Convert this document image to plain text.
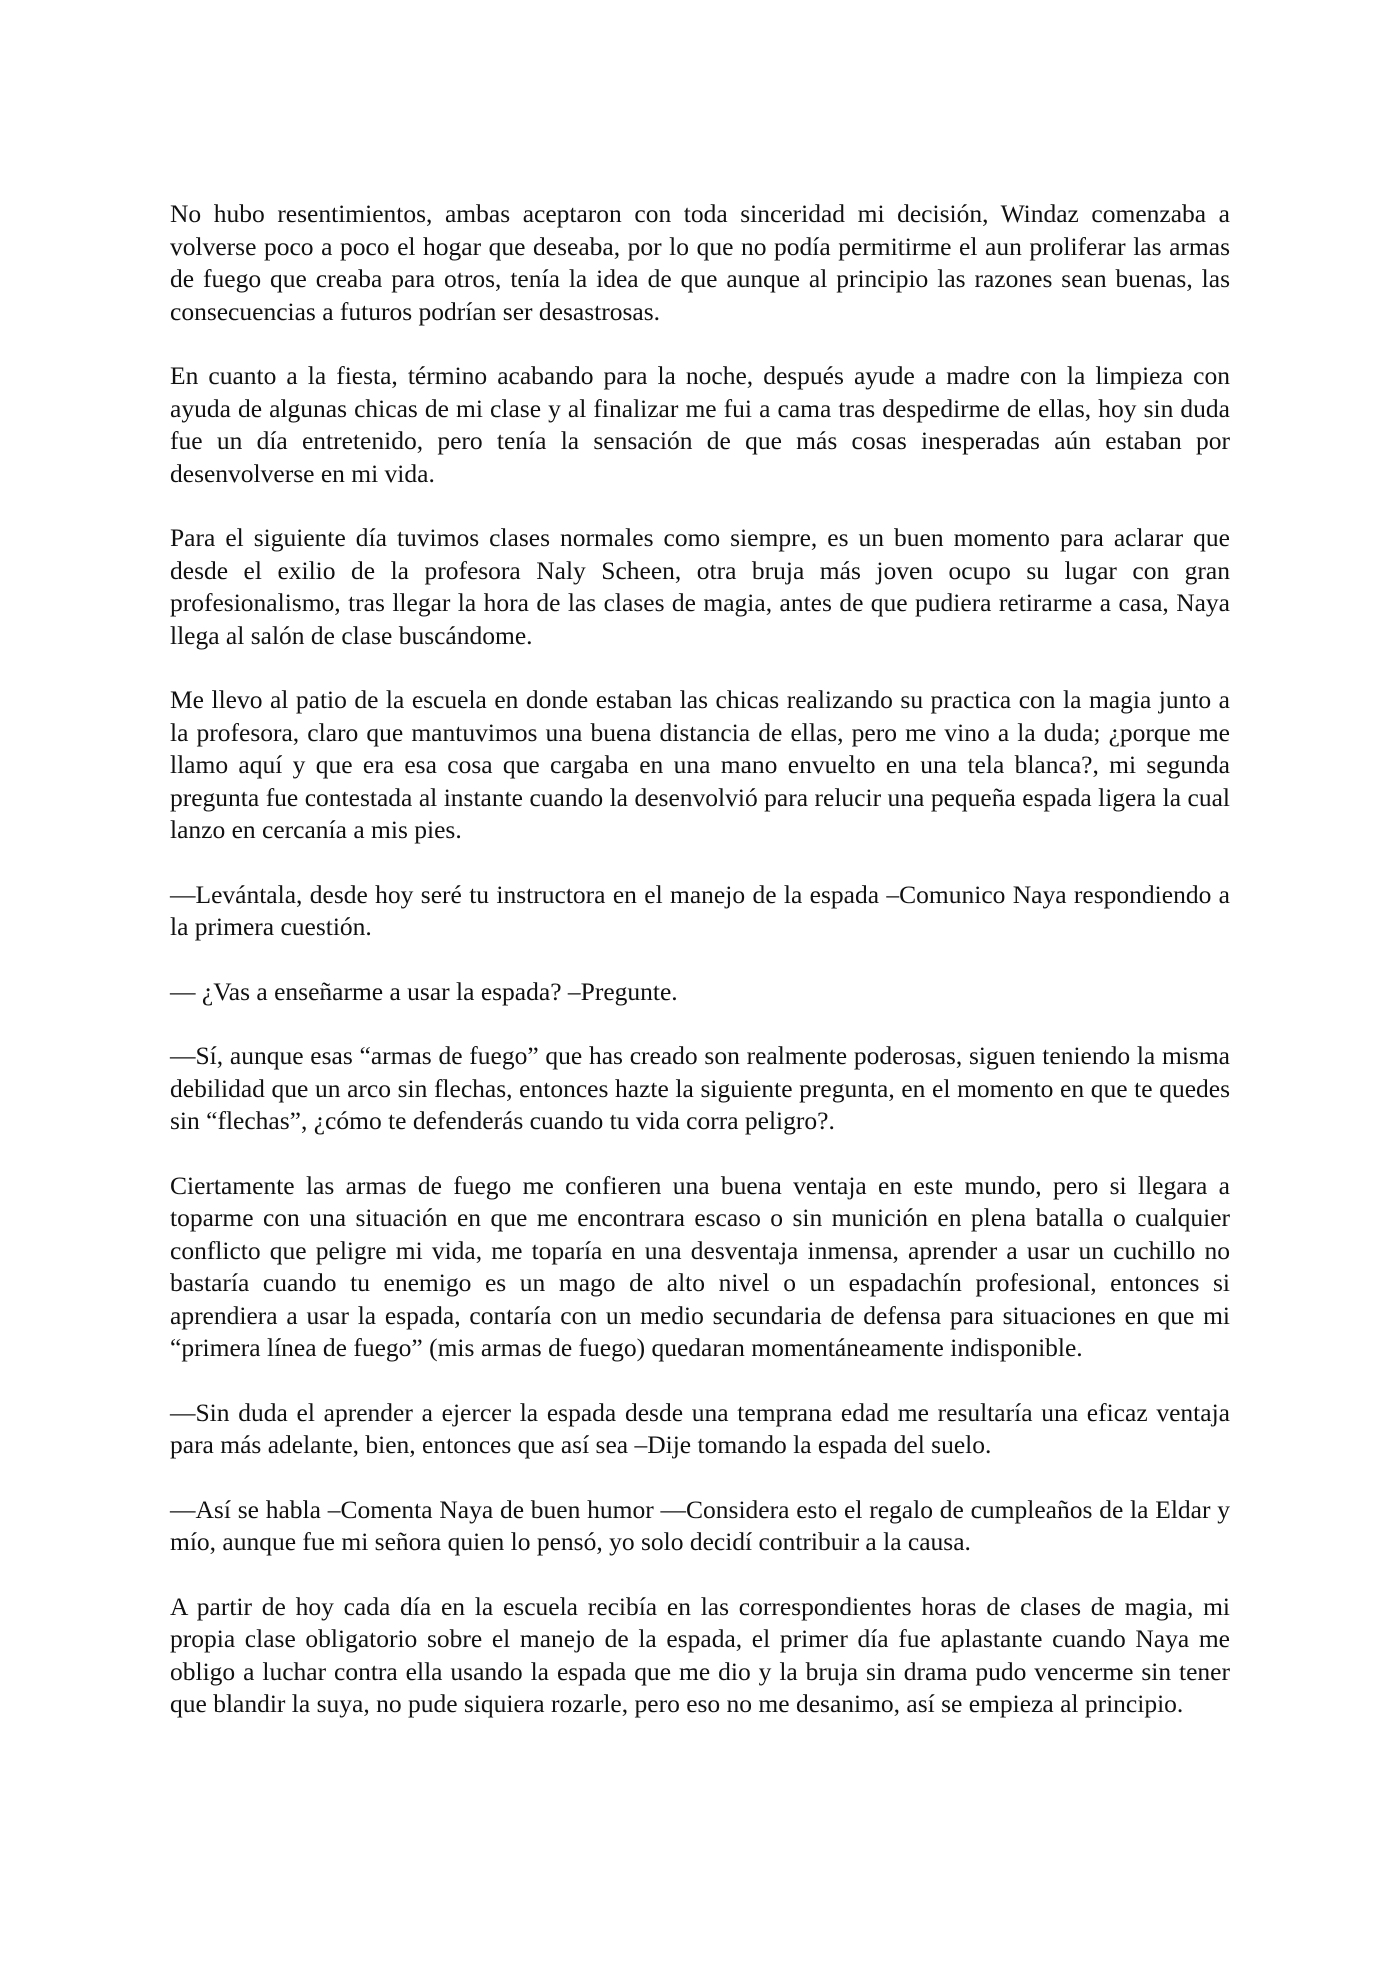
No hubo resentimientos, ambas aceptaron con toda sinceridad mi decisión, Windaz comenzaba a volverse poco a poco el hogar que deseaba, por lo que no podía permitirme el aun proliferar las armas de fuego que creaba para otros, tenía la idea de que aunque al principio las razones sean buenas, las consecuencias a futuros podrían ser desastrosas.

En cuanto a la fiesta, término acabando para la noche, después ayude a madre con la limpieza con ayuda de algunas chicas de mi clase y al finalizar me fui a cama tras despedirme de ellas, hoy sin duda fue un día entretenido, pero tenía la sensación de que más cosas inesperadas aún estaban por desenvolverse en mi vida.

Para el siguiente día tuvimos clases normales como siempre, es un buen momento para aclarar que desde el exilio de la profesora Naly Scheen, otra bruja más joven ocupo su lugar con gran profesionalismo, tras llegar la hora de las clases de magia, antes de que pudiera retirarme a casa, Naya llega al salón de clase buscándome.

Me llevo al patio de la escuela en donde estaban las chicas realizando su practica con la magia junto a la profesora, claro que mantuvimos una buena distancia de ellas, pero me vino a la duda; ¿porque me llamo aquí y que era esa cosa que cargaba en una mano envuelto en una tela blanca?, mi segunda pregunta fue contestada al instante cuando la desenvolvió para relucir una pequeña espada ligera la cual lanzo en cercanía a mis pies.

—Levántala, desde hoy seré tu instructora en el manejo de la espada –Comunico Naya respondiendo a la primera cuestión.

— ¿Vas a enseñarme a usar la espada? –Pregunte.

—Sí, aunque esas “armas de fuego” que has creado son realmente poderosas, siguen teniendo la misma debilidad que un arco sin flechas, entonces hazte la siguiente pregunta, en el momento en que te quedes sin “flechas”, ¿cómo te defenderás cuando tu vida corra peligro?.

Ciertamente las armas de fuego me confieren una buena ventaja en este mundo, pero si llegara a toparme con una situación en que me encontrara escaso o sin munición en plena batalla o cualquier conflicto que peligre mi vida, me toparía en una desventaja inmensa, aprender a usar un cuchillo no bastaría cuando tu enemigo es un mago de alto nivel o un espadachín profesional, entonces si aprendiera a usar la espada, contaría con un medio secundaria de defensa para situaciones en que mi “primera línea de fuego” (mis armas de fuego) quedaran momentáneamente indisponible.

—Sin duda el aprender a ejercer la espada desde una temprana edad me resultaría una eficaz ventaja para más adelante, bien, entonces que así sea –Dije tomando la espada del suelo.

—Así se habla –Comenta Naya de buen humor —Considera esto el regalo de cumpleaños de la Eldar y mío, aunque fue mi señora quien lo pensó, yo solo decidí contribuir a la causa.

A partir de hoy cada día en la escuela recibía en las correspondientes horas de clases de magia, mi propia clase obligatorio sobre el manejo de la espada, el primer día fue aplastante cuando Naya me obligo a luchar contra ella usando la espada que me dio y la bruja sin drama pudo vencerme sin tener que blandir la suya, no pude siquiera rozarle, pero eso no me desanimo, así se empieza al principio.
